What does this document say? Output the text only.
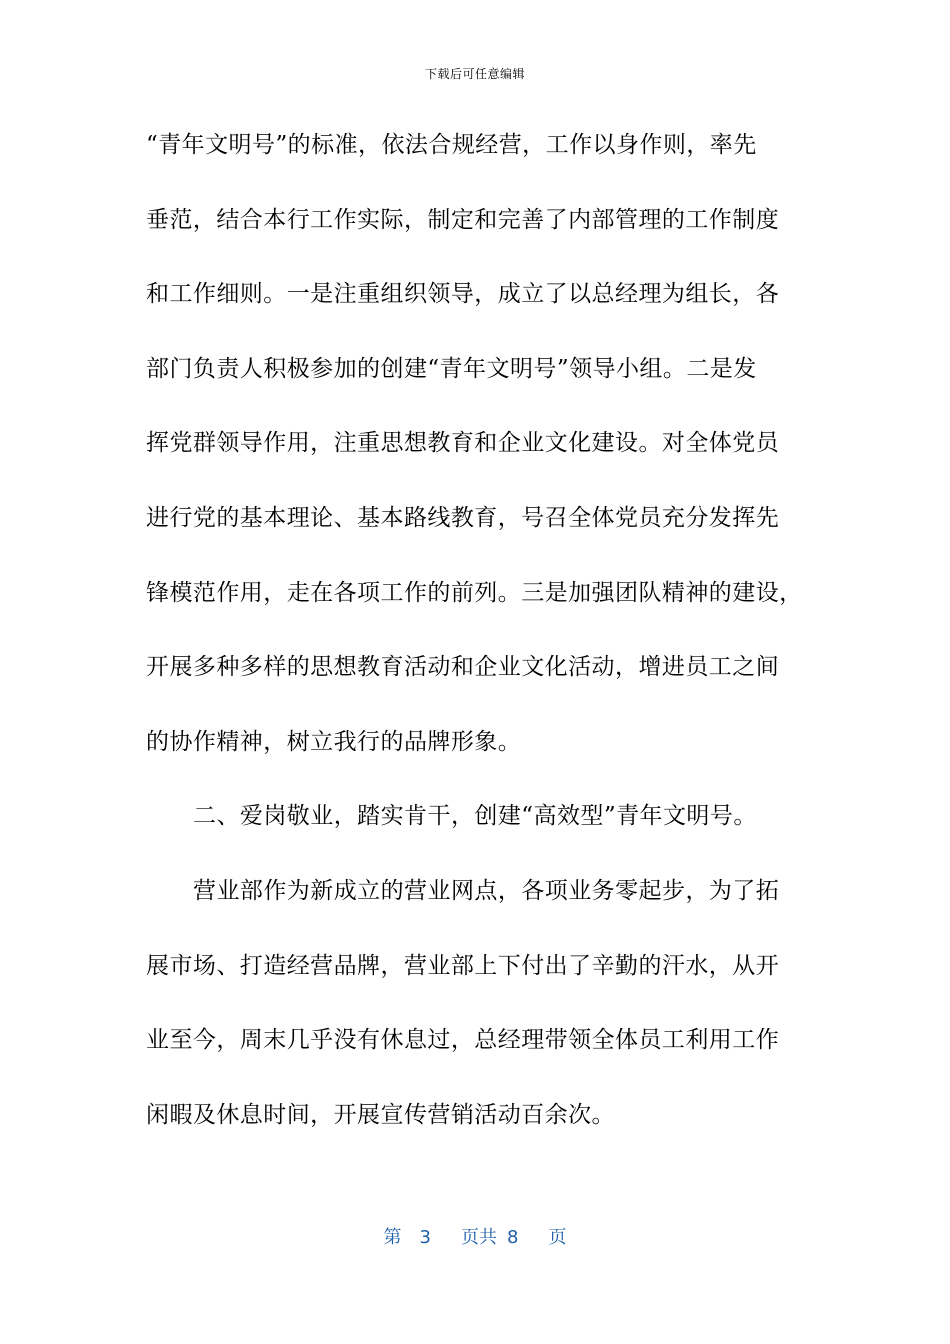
下载后可任意编辑
“青年文明号”的标准，依法合规经营，工作以身作则，率先
垂范，结合本行工作实际，制定和完善了内部管理的工作制度
和工作细则。一是注重组织领导，成立了以总经理为组长，各
部门负责人积极参加的创建“青年文明号”领导小组。二是发
挥党群领导作用，注重思想教育和企业文化建设。对全体党员
进行党的基本理论、基本路线教育，号召全体党员充分发挥先
锋模范作用，走在各项工作的前列。三是加强团队精神的建设，
开展多种多样的思想教育活动和企业文化活动，增进员工之间
的协作精神，树立我行的品牌形象。
二、爱岗敬业，踏实肯干，创建“高效型”青年文明号。
营业部作为新成立的营业网点，各项业务零起步，为了拓
展市场、打造经营品牌，营业部上下付出了辛勤的汗水，从开
业至今，周末几乎没有休息过，总经理带领全体员工利用工作
闲暇及休息时间，开展宣传营销活动百余次。
第 3 页共 8 页
